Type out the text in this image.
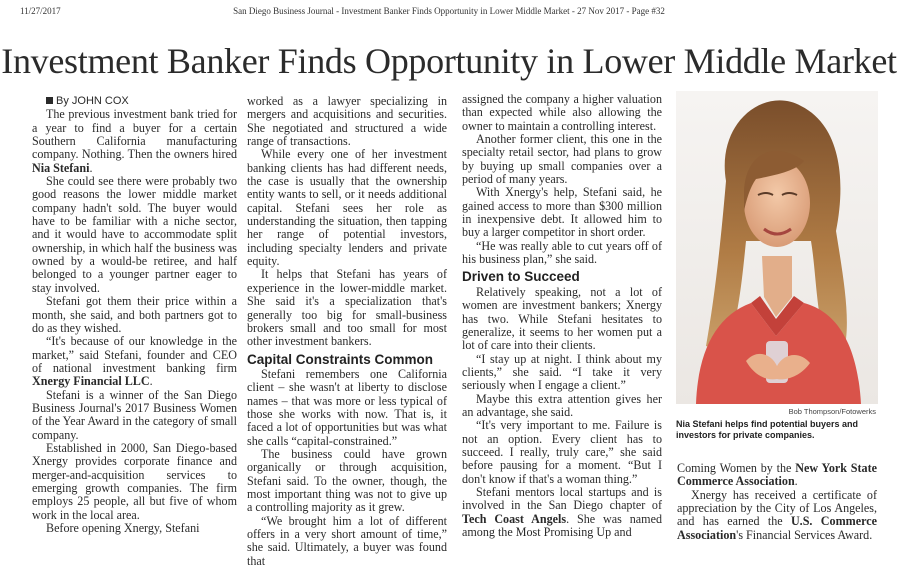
11/27/2017	San Diego Business Journal - Investment Banker Finds Opportunity in Lower Middle Market - 27 Nov 2017 - Page #32
Investment Banker Finds Opportunity in Lower Middle Market

By JOHN COX

The previous investment bank tried for a year to find a buyer for a certain Southern California manufacturing company. Nothing. Then the owners hired Nia Stefani.

She could see there were probably two good reasons the lower middle market company hadn't sold. The buyer would have to be familiar with a niche sector, and it would have to accommodate split ownership, in which half the business was owned by a would-be retiree, and half belonged to a younger partner eager to stay involved.

Stefani got them their price within a month, she said, and both partners got to do as they wished.

“It's because of our knowledge in the market,” said Stefani, founder and CEO of national investment banking firm Xnergy Financial LLC.

Stefani is a winner of the San Diego Business Journal's 2017 Business Women of the Year Award in the category of small company.

Established in 2000, San Diego-based Xnergy provides corporate finance and merger-and-acquisition services to emerging growth companies. The firm employs 25 people, all but five of whom work in the local area.

Before opening Xnergy, Stefani

worked as a lawyer specializing in mergers and acquisitions and securities. She negotiated and structured a wide range of transactions.

While every one of her investment banking clients has had different needs, the case is usually that the ownership entity wants to sell, or it needs additional capital. Stefani sees her role as understanding the situation, then tapping her range of potential investors, including specialty lenders and private equity.

It helps that Stefani has years of experience in the lower-middle market. She said it's a specialization that's generally too big for small-business brokers small and too small for most other investment bankers.

Capital Constraints Common

Stefani remembers one California client – she wasn't at liberty to disclose names – that was more or less typical of those she works with now. That is, it faced a lot of opportunities but was what she calls “capital-constrained.”

The business could have grown organically or through acquisition, Stefani said. To the owner, though, the most important thing was not to give up a controlling majority as it grew.

“We brought him a lot of different offers in a very short amount of time,” she said. Ultimately, a buyer was found that

assigned the company a higher valuation than expected while also allowing the owner to maintain a controlling interest.

Another former client, this one in the specialty retail sector, had plans to grow by buying up small companies over a period of many years.

With Xnergy's help, Stefani said, he gained access to more than $300 million in inexpensive debt. It allowed him to buy a larger competitor in short order.

“He was really able to cut years off of his business plan,” she said.

Driven to Succeed

Relatively speaking, not a lot of women are investment bankers; Xnergy has two. While Stefani hesitates to generalize, it seems to her women put a lot of care into their clients.

“I stay up at night. I think about my clients,” she said. “I take it very seriously when I engage a client.”

Maybe this extra attention gives her an advantage, she said.

“It's very important to me. Failure is not an option. Every client has to succeed. I really, truly care,” she said before pausing for a moment. “But I don't know if that's a woman thing.”

Stefani mentors local startups and is involved in the San Diego chapter of Tech Coast Angels. She was named among the Most Promising Up and

Bob Thompson/Fotowerks
Nia Stefani helps find potential buyers and investors for private companies.

Coming Women by the New York State Commerce Association.

Xnergy has received a certificate of appreciation by the City of Los Angeles, and has earned the U.S. Commerce Association's Financial Services Award.
